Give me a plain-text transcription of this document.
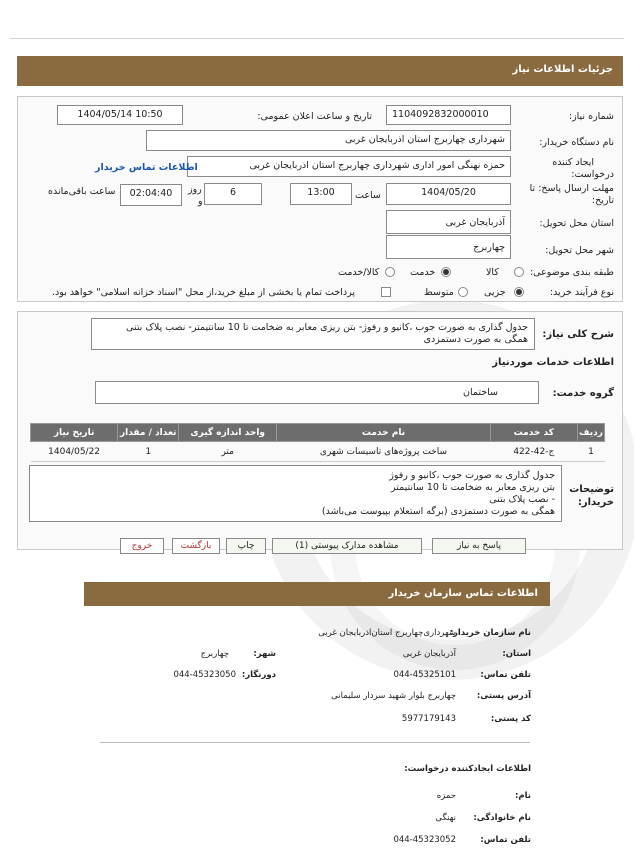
جزئیات اطلاعات نیاز
شماره نیاز:
1104092832000010
تاریخ و ساعت اعلان عمومی:
1404/05/14 10:50
نام دستگاه خریدار:
شهرداری چهاربرج استان اذربایجان غربی
ایجاد کننده
درخواست:
حمزه نهنگی امور اداری شهرداری چهاربرج استان اذربایجان غربی
اطلاعات تماس خریدار
مهلت ارسال پاسخ: تا
تاریخ:
1404/05/20
ساعت
13:00
6
روز
و
02:04:40
ساعت باقی‌مانده
استان محل تحویل:
آذربایجان غربی
شهر محل تحویل:
چهاربرج
طبقه بندی موضوعی:
کالا
خدمت
کالا/خدمت
نوع فرآیند خرید:
جزیی
متوسط
پرداخت تمام یا بخشی از مبلغ خرید،از محل "اسناد خزانه اسلامی" خواهد بود.
شرح کلی نیاز:
جدول گذاری به صورت جوب ،کانیو و رفوژ- بتن ریزی معابر به ضخامت تا 10 سانتیمتر- نصب پلاک بتنی
همگی به صورت دستمزدی
اطلاعات خدمات موردنیاز
گروه خدمت:
ساختمان
ردیف	کد خدمت	نام خدمت	واحد اندازه گیری	تعداد / مقدار	تاریخ نیاز
1	ج-42-422	ساخت پروژه‌های تاسیسات شهری	متر	1	1404/05/22
توضیحات
خریدار:
جدول گذاری به صورت جوب ،کانیو و رفوژ
بتن ریزی معابر به ضخامت تا 10 سانتیمتر
- نصب پلاک بتنی
همگی به صورت دستمزدی (برگه استعلام بپیوست می‌باشد)
پاسخ به نیاز
مشاهده مدارک پیوستی (1)
چاپ
بازگشت
خروج
اطلاعات تماس سازمان خریدار
نام سازمان خریدار:
شهرداری‌چهاربرج استان‌اذربایجان غربی
استان:
آذربایجان غربی
شهر:
چهاربرج
تلفن تماس:
044-45325101
دورنگار:
044-45323050
آدرس پستی:
چهاربرج بلوار شهید سردار سلیمانی
کد پستی:
5977179143
اطلاعات ایجادکننده درخواست:
نام:
حمزه
نام خانوادگی:
نهنگی
تلفن تماس:
044-45323052
